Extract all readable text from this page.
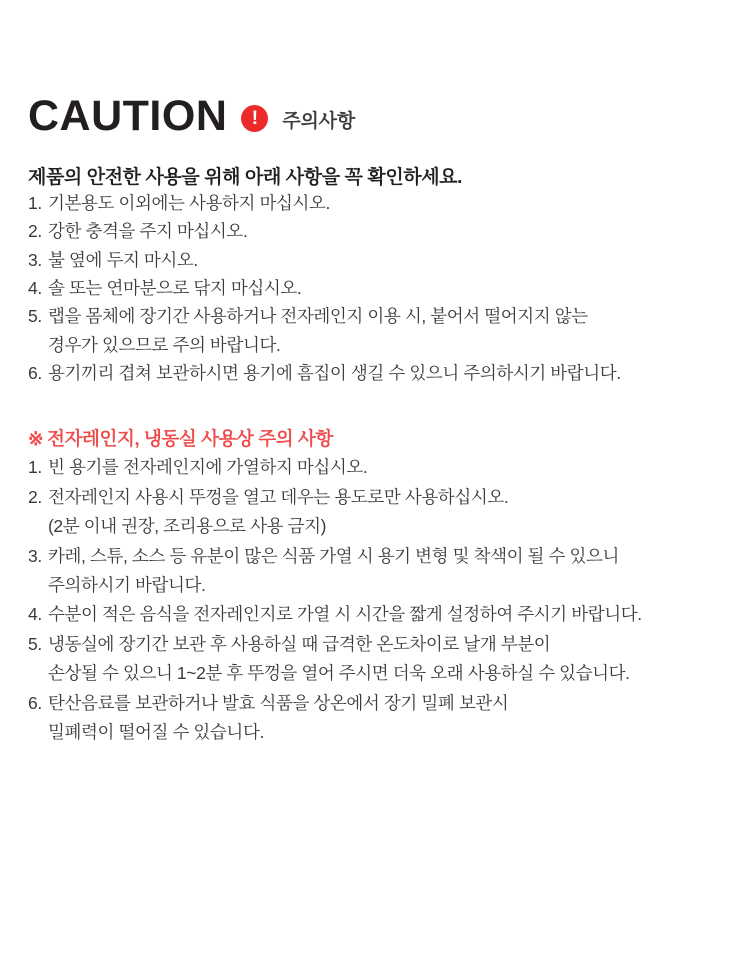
CAUTION	!	주의사항
제품의 안전한 사용을 위해 아래 사항을 꼭 확인하세요.
1. 기본용도 이외에는 사용하지 마십시오.
2. 강한 충격을 주지 마십시오.
3. 불 옆에 두지 마시오.
4. 솔 또는 연마분으로 닦지 마십시오.
5. 랩을 몸체에 장기간 사용하거나 전자레인지 이용 시, 붙어서 떨어지지 않는
경우가 있으므로 주의 바랍니다.
6. 용기끼리 겹쳐 보관하시면 용기에 흠집이 생길 수 있으니 주의하시기 바랍니다.
※ 전자레인지, 냉동실 사용상 주의 사항
1. 빈 용기를 전자레인지에 가열하지 마십시오.
2. 전자레인지 사용시 뚜껑을 열고 데우는 용도로만 사용하십시오.
(2분 이내 권장, 조리용으로 사용 금지)
3. 카레, 스튜, 소스 등 유분이 많은 식품 가열 시 용기 변형 및 착색이 될 수 있으니
주의하시기 바랍니다.
4. 수분이 적은 음식을 전자레인지로 가열 시 시간을 짧게 설정하여 주시기 바랍니다.
5. 냉동실에 장기간 보관 후 사용하실 때 급격한 온도차이로 날개 부분이
손상될 수 있으니 1~2분 후 뚜껑을 열어 주시면 더욱 오래 사용하실 수 있습니다.
6. 탄산음료를 보관하거나 발효 식품을 상온에서 장기 밀폐 보관시
밀폐력이 떨어질 수 있습니다.
